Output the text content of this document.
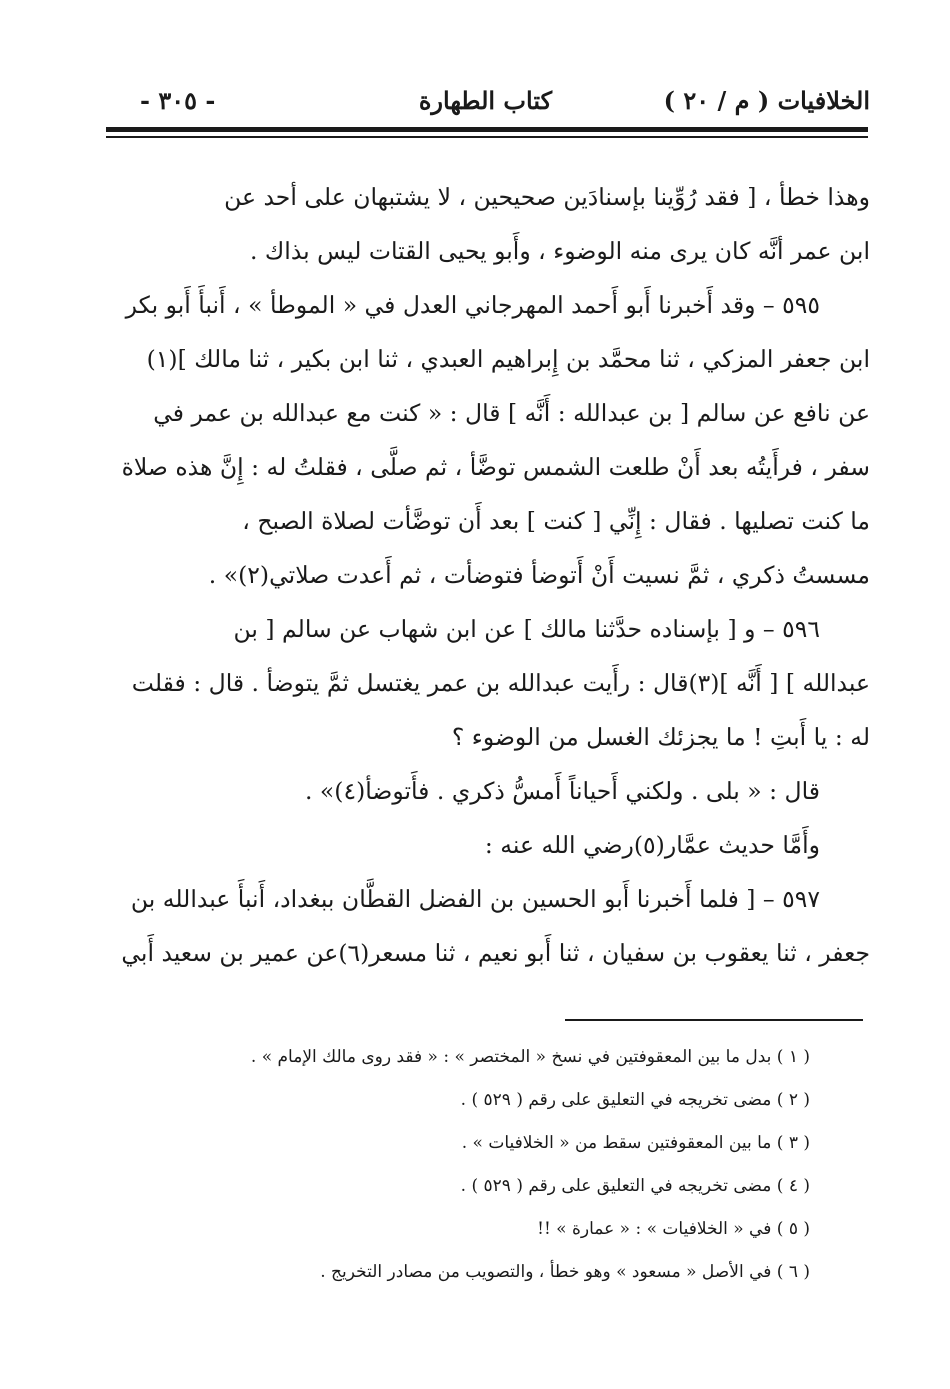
الخلافيات ( م / ٢٠ )
كتاب الطهارة
- ٣٠٥ -
وهذا خطأ ، [ فقد رُوِّينا بإسنادَين صحيحين ، لا يشتبهان على أحد عن
ابن عمر أنَّه كان يرى منه الوضوء ، وأَبو يحيى القتات ليس بذاك .
٥٩٥ – وقد أَخبرنا أَبو أَحمد المهرجاني العدل في « الموطأ » ، أَنبأَ أَبو بكر
ابن جعفر المزكي ، ثنا محمَّد بن إِبراهيم العبدي ، ثنا ابن بكير ، ثنا مالك ](١)
عن نافع عن سالم [ بن عبدالله : أَنَّه ] قال : « كنت مع عبدالله بن عمر في
سفر ، فرأَيتُه بعد أَنْ طلعت الشمس توضَّأ ، ثم صلَّى ، فقلتُ له : إِنَّ هذه صلاة
ما كنت تصليها . فقال : إِنِّي [ كنت ] بعد أَن توضَّأت لصلاة الصبح ،
مسستُ ذكري ، ثمَّ نسيت أَنْ أَتوضأ فتوضأت ، ثم أَعدت صلاتي(٢)» .
٥٩٦ – و [ بإسناده حدَّثنا مالك ] عن ابن شهاب عن سالم [ بن
عبدالله ] [ أَنَّه ](٣)قال : رأَيت عبدالله بن عمر يغتسل ثمَّ يتوضأ . قال : فقلت
له : يا أَبتِ ! ما يجزئك الغسل من الوضوء ؟
قال : « بلى . ولكني أَحياناً أَمسُّ ذكري . فأَتوضأ(٤)» .
وأَمَّا حديث عمَّار(٥)رضي الله عنه :
٥٩٧ – [ فلما أَخبرنا أَبو الحسين بن الفضل القطَّان ببغداد، أَنبأَ عبدالله بن
جعفر ، ثنا يعقوب بن سفيان ، ثنا أَبو نعيم ، ثنا مسعر(٦)عن عمير بن سعيد أَبي
( ١ ) بدل ما بين المعقوفتين في نسخ « المختصر » : « فقد روى مالك الإمام » .
( ٢ ) مضى تخريجه في التعليق على رقم ( ٥٢٩ ) .
( ٣ ) ما بين المعقوفتين سقط من « الخلافيات » .
( ٤ ) مضى تخريجه في التعليق على رقم ( ٥٢٩ ) .
( ٥ ) في « الخلافيات » : « عمارة » !!
( ٦ ) في الأصل « مسعود » وهو خطأ ، والتصويب من مصادر التخريج .
